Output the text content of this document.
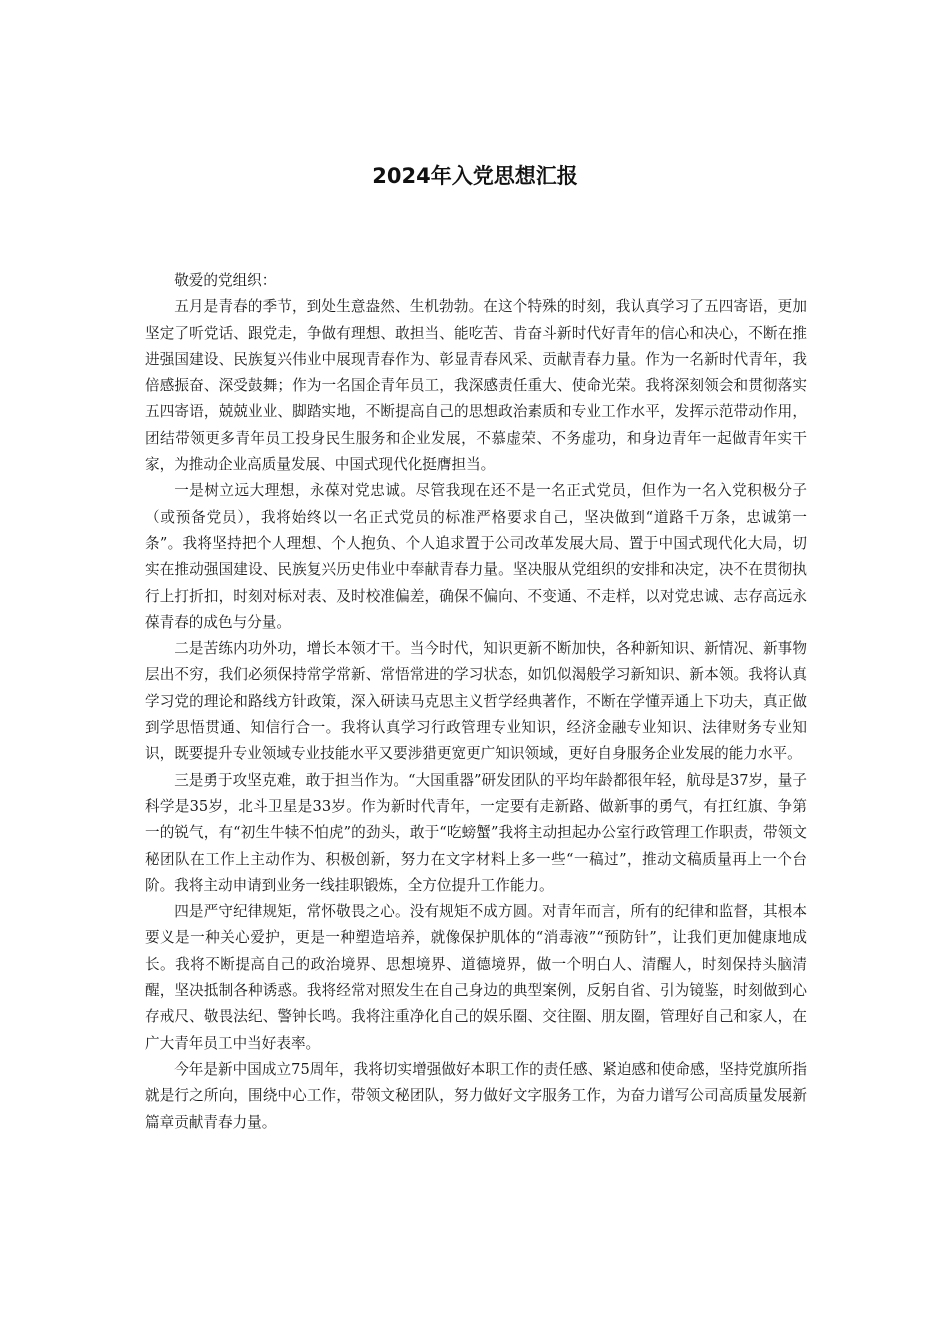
2024年入党思想汇报

敬爱的党组织：

五月是青春的季节，到处生意盎然、生机勃勃。在这个特殊的时刻，我认真学习了五四寄语，更加坚定了听党话、跟党走，争做有理想、敢担当、能吃苦、肯奋斗新时代好青年的信心和决心，不断在推进强国建设、民族复兴伟业中展现青春作为、彰显青春风采、贡献青春力量。作为一名新时代青年，我倍感振奋、深受鼓舞；作为一名国企青年员工，我深感责任重大、使命光荣。我将深刻领会和贯彻落实五四寄语，兢兢业业、脚踏实地，不断提高自己的思想政治素质和专业工作水平，发挥示范带动作用，团结带领更多青年员工投身民生服务和企业发展，不慕虚荣、不务虚功，和身边青年一起做青年实干家，为推动企业高质量发展、中国式现代化挺膺担当。

一是树立远大理想，永葆对党忠诚。尽管我现在还不是一名正式党员，但作为一名入党积极分子（或预备党员），我将始终以一名正式党员的标准严格要求自己，坚决做到“道路千万条，忠诚第一条”。我将坚持把个人理想、个人抱负、个人追求置于公司改革发展大局、置于中国式现代化大局，切实在推动强国建设、民族复兴历史伟业中奉献青春力量。坚决服从党组织的安排和决定，决不在贯彻执行上打折扣，时刻对标对表、及时校准偏差，确保不偏向、不变通、不走样，以对党忠诚、志存高远永葆青春的成色与分量。

二是苦练内功外功，增长本领才干。当今时代，知识更新不断加快，各种新知识、新情况、新事物层出不穷，我们必须保持常学常新、常悟常进的学习状态，如饥似渴般学习新知识、新本领。我将认真学习党的理论和路线方针政策，深入研读马克思主义哲学经典著作，不断在学懂弄通上下功夫，真正做到学思悟贯通、知信行合一。我将认真学习行政管理专业知识，经济金融专业知识、法律财务专业知识，既要提升专业领域专业技能水平又要涉猎更宽更广知识领域，更好自身服务企业发展的能力水平。

三是勇于攻坚克难，敢于担当作为。“大国重器”研发团队的平均年龄都很年轻，航母是37岁，量子科学是35岁，北斗卫星是33岁。作为新时代青年，一定要有走新路、做新事的勇气，有扛红旗、争第一的锐气，有“初生牛犊不怕虎”的劲头，敢于“吃螃蟹”我将主动担起办公室行政管理工作职责，带领文秘团队在工作上主动作为、积极创新，努力在文字材料上多一些“一稿过”，推动文稿质量再上一个台阶。我将主动申请到业务一线挂职锻炼，全方位提升工作能力。

四是严守纪律规矩，常怀敬畏之心。没有规矩不成方圆。对青年而言，所有的纪律和监督，其根本要义是一种关心爱护，更是一种塑造培养，就像保护肌体的“消毒液”“预防针”，让我们更加健康地成长。我将不断提高自己的政治境界、思想境界、道德境界，做一个明白人、清醒人，时刻保持头脑清醒，坚决抵制各种诱惑。我将经常对照发生在自己身边的典型案例，反躬自省、引为镜鉴，时刻做到心存戒尺、敬畏法纪、警钟长鸣。我将注重净化自己的娱乐圈、交往圈、朋友圈，管理好自己和家人，在广大青年员工中当好表率。

今年是新中国成立75周年，我将切实增强做好本职工作的责任感、紧迫感和使命感，坚持党旗所指就是行之所向，围绕中心工作，带领文秘团队，努力做好文字服务工作，为奋力谱写公司高质量发展新篇章贡献青春力量。
